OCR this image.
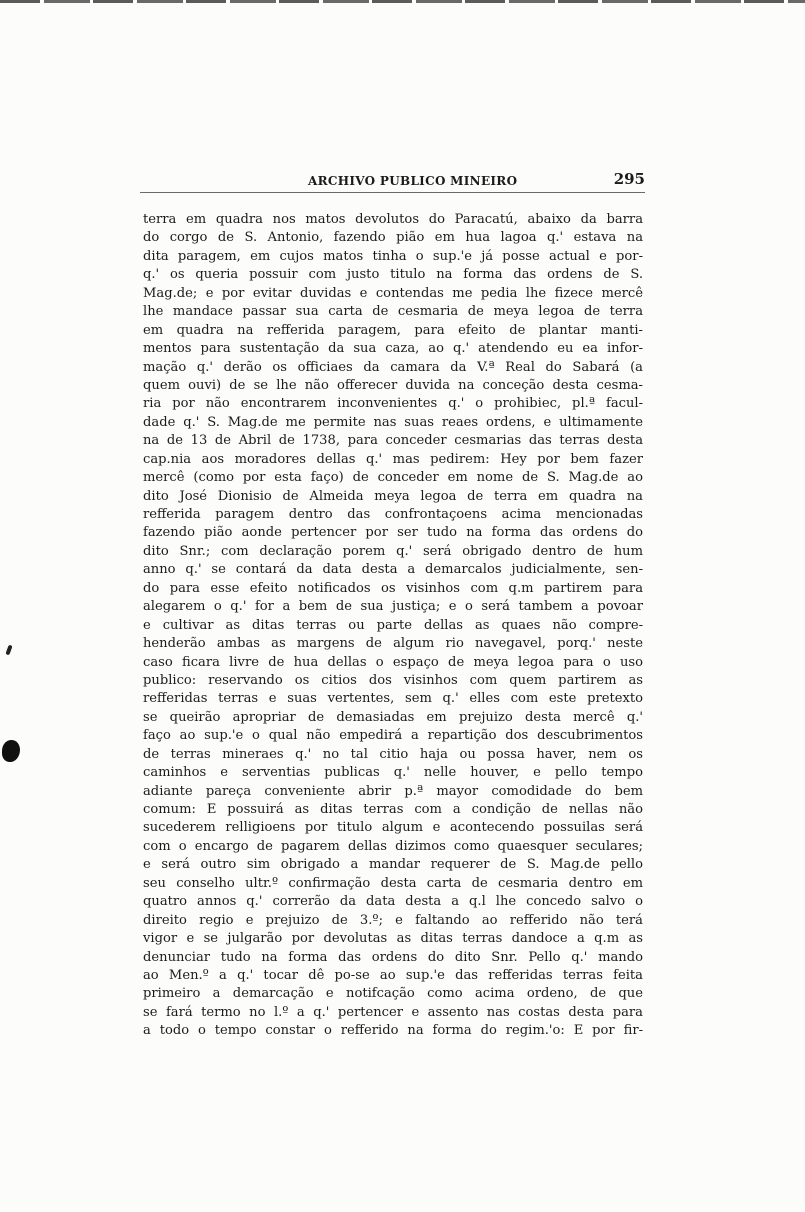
ARCHIVO PUBLICO MINEIRO	295
terra em quadra nos matos devolutos do Paracatú, abaixo da barra
do corgo de S. Antonio, fazendo pião em hua lagoa q.' estava na
dita paragem, em cujos matos tinha o sup.'e já posse actual e por-
q.' os queria possuir com justo titulo na forma das ordens de S.
Mag.de; e por evitar duvidas e contendas me pedia lhe fizece mercê
lhe mandace passar sua carta de cesmaria de meya legoa de terra
em quadra na refferida paragem, para efeito de plantar manti-
mentos para sustentação da sua caza, ao q.' atendendo eu ea infor-
mação q.' derão os officiaes da camara da V.ª Real do Sabará (a
quem ouvi) de se lhe não offerecer duvida na conceção desta cesma-
ria por não encontrarem inconvenientes q.' o prohibiec, pl.ª facul-
dade q.' S. Mag.de me permite nas suas reaes ordens, e ultimamente
na de 13 de Abril de 1738, para conceder cesmarias das terras desta
cap.nia aos moradores dellas q.' mas pedirem: Hey por bem fazer
mercê (como por esta faço) de conceder em nome de S. Mag.de ao
dito José Dionisio de Almeida meya legoa de terra em quadra na
refferida paragem dentro das confrontaçoens acima mencionadas
fazendo pião aonde pertencer por ser tudo na forma das ordens do
dito Snr.; com declaração porem q.' será obrigado dentro de hum
anno q.' se contará da data desta a demarcalos judicialmente, sen-
do para esse efeito notificados os visinhos com q.m partirem para
alegarem o q.' for a bem de sua justiça; e o será tambem a povoar
e cultivar as ditas terras ou parte dellas as quaes não compre-
henderão ambas as margens de algum rio navegavel, porq.' neste
caso ficara livre de hua dellas o espaço de meya legoa para o uso
publico: reservando os citios dos visinhos com quem partirem as
refferidas terras e suas vertentes, sem q.' elles com este pretexto
se queirão apropriar de demasiadas em prejuizo desta mercê q.'
faço ao sup.'e o qual não empedirá a repartição dos descubrimentos
de terras mineraes q.' no tal citio haja ou possa haver, nem os
caminhos e serventias publicas q.' nelle houver, e pello tempo
adiante pareça conveniente abrir p.ª mayor comodidade do bem
comum: E possuirá as ditas terras com a condição de nellas não
sucederem relligioens por titulo algum e acontecendo possuilas será
com o encargo de pagarem dellas dizimos como quaesquer seculares;
e será outro sim obrigado a mandar requerer de S. Mag.de pello
seu conselho ultr.º confirmação desta carta de cesmaria dentro em
quatro annos q.' correrão da data desta a q.l lhe concedo salvo o
direito regio e prejuizo de 3.º; e faltando ao refferido não terá
vigor e se julgarão por devolutas as ditas terras dandoce a q.m as
denunciar tudo na forma das ordens do dito Snr. Pello q.' mando
ao Men.º a q.' tocar dê po-se ao sup.'e das refferidas terras feita
primeiro a demarcação e notifcação como acima ordeno, de que
se fará termo no l.º a q.' pertencer e assento nas costas desta para
a todo o tempo constar o refferido na forma do regim.'o: E por fir-
